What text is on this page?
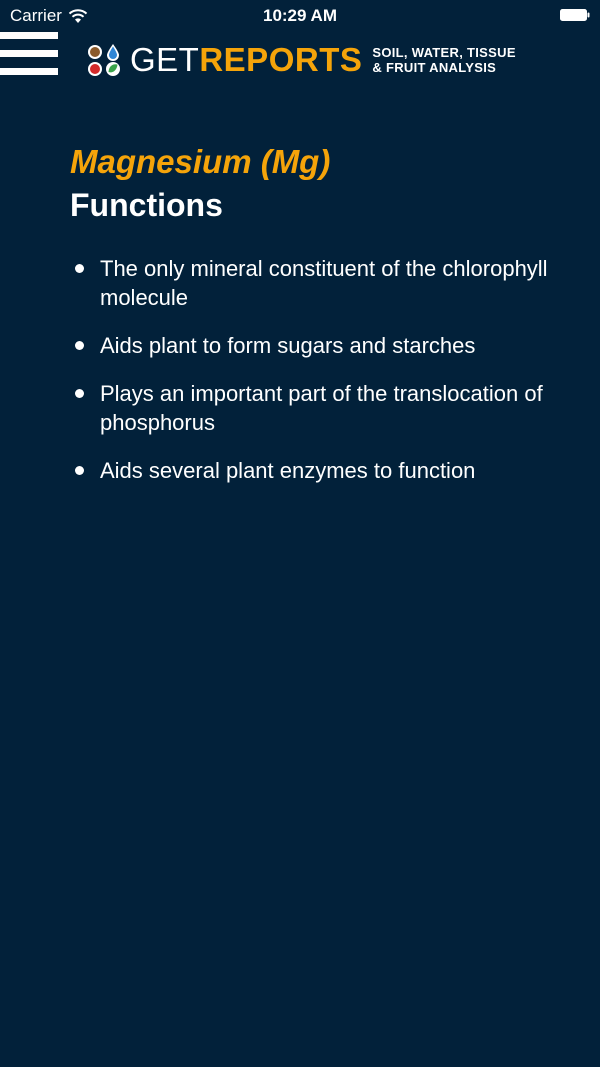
Carrier	10:29 AM
GETREPORTS SOIL, WATER, TISSUE
& FRUIT ANALYSIS
Magnesium (Mg)
Functions
The only mineral constituent of the chlorophyll molecule
Aids plant to form sugars and starches
Plays an important part of the translocation of phosphorus
Aids several plant enzymes to function
